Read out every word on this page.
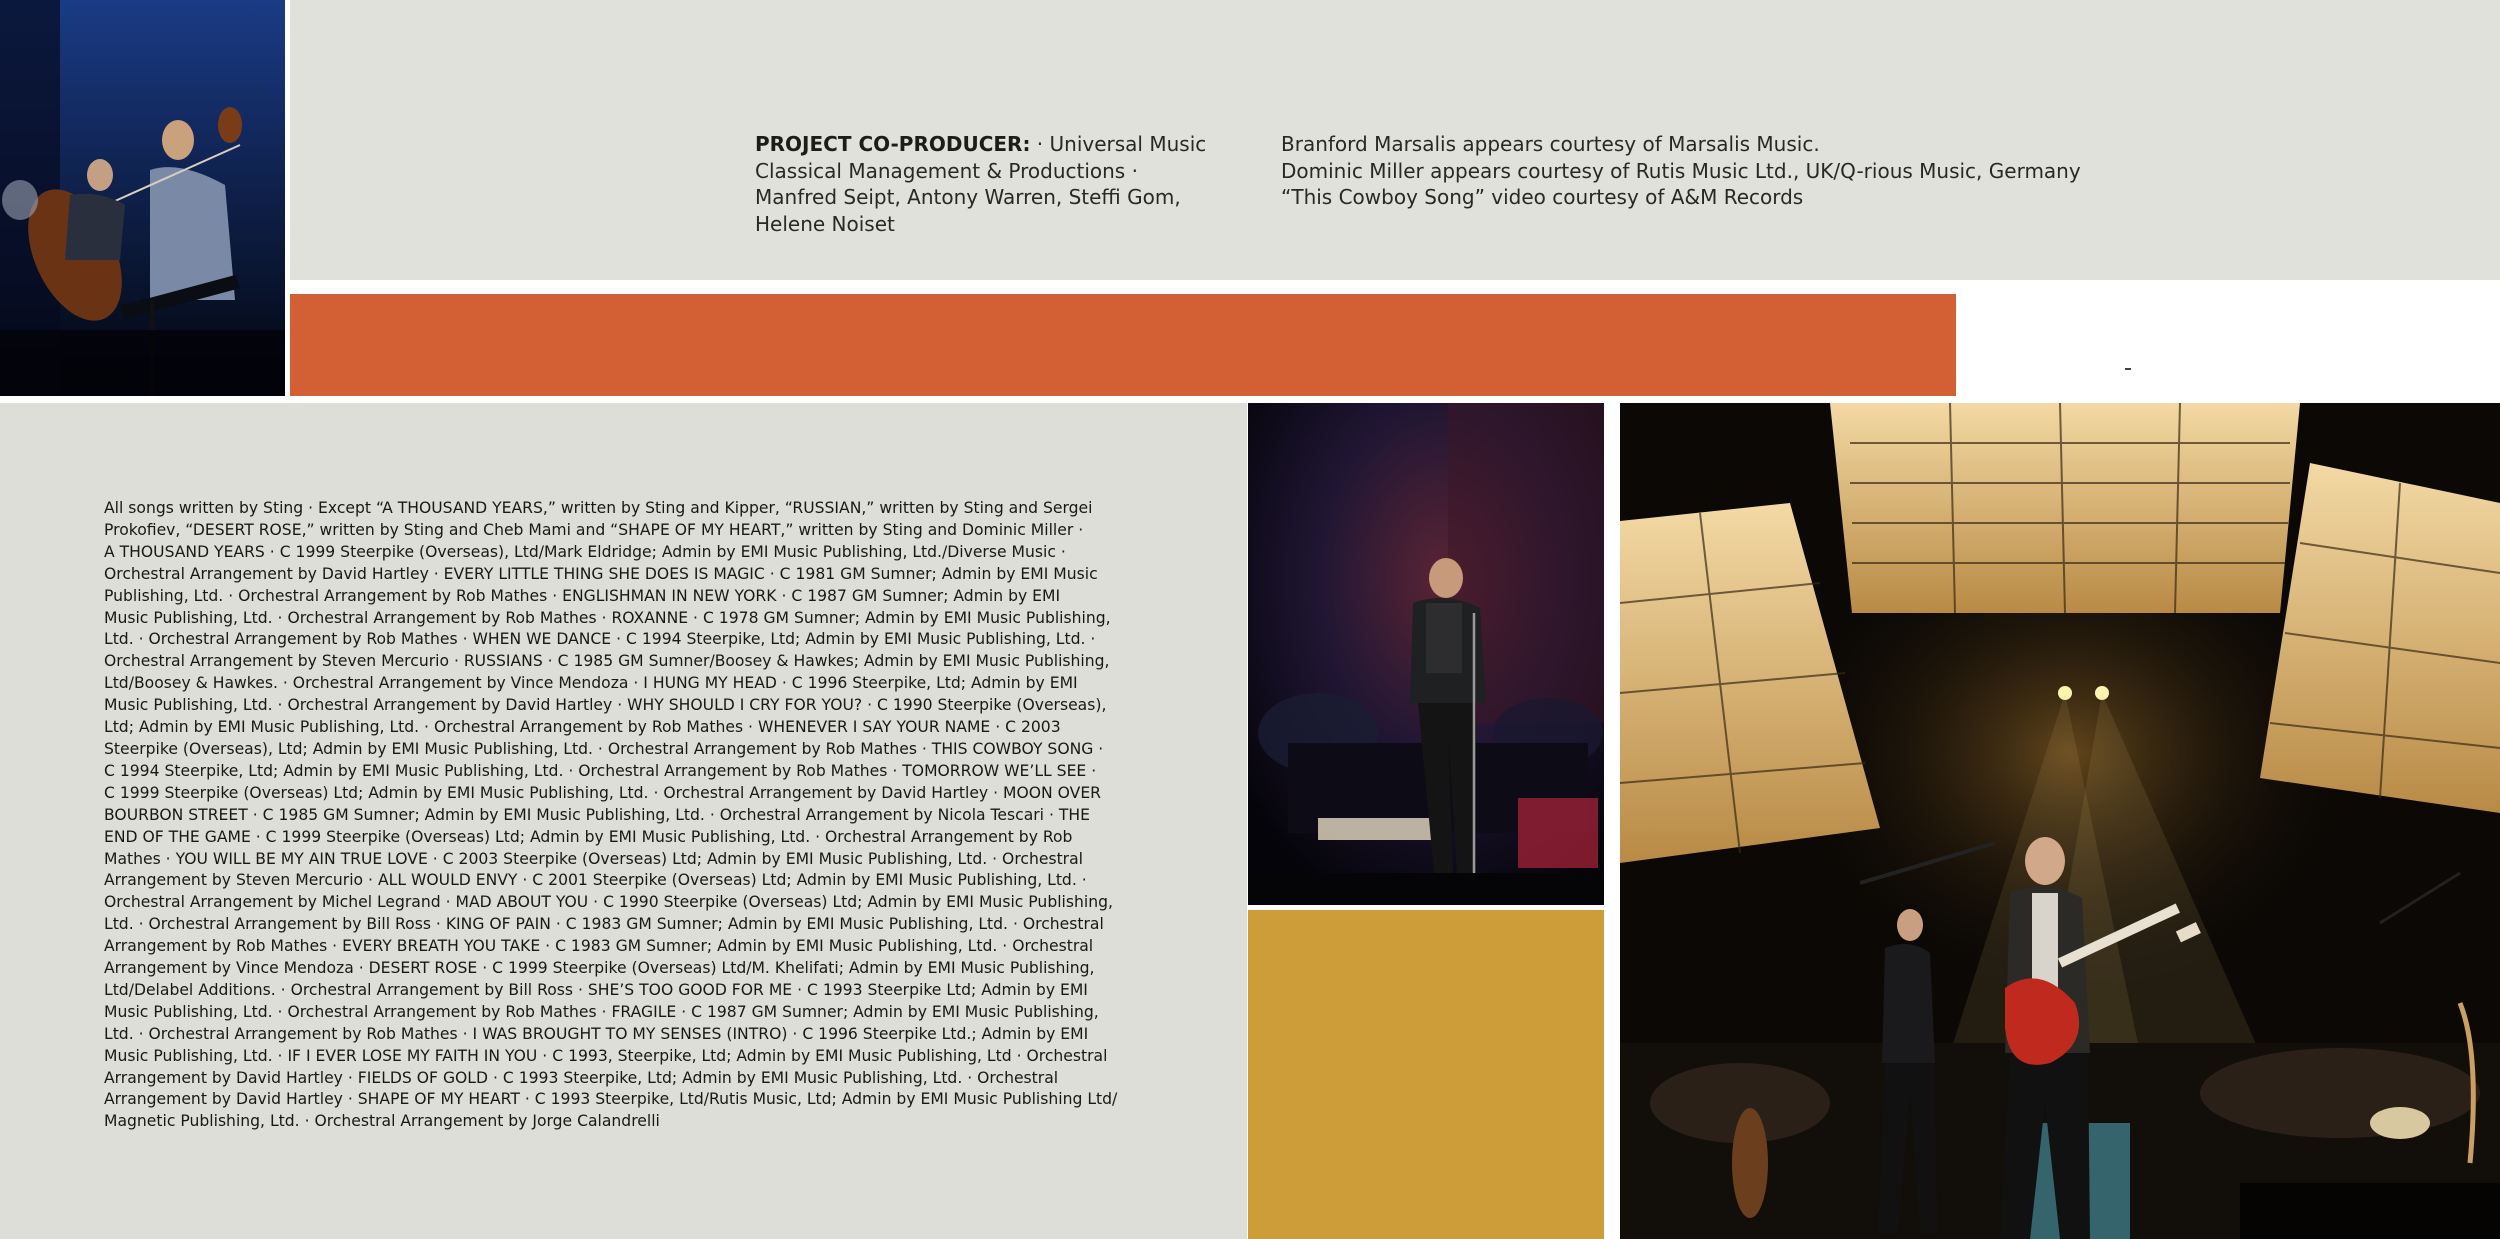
PROJECT CO-PRODUCER: · Universal Music Classical Management & Productions · Manfred Seipt, Antony Warren, Steffi Gom, Helene Noiset
Branford Marsalis appears courtesy of Marsalis Music.
Dominic Miller appears courtesy of Rutis Music Ltd., UK/Q-rious Music, Germany
“This Cowboy Song” video courtesy of A&M Records

All songs written by Sting · Except “A THOUSAND YEARS,” written by Sting and Kipper, “RUSSIAN,” written by Sting and Sergei

Prokofiev, “DESERT ROSE,” written by Sting and Cheb Mami and “SHAPE OF MY HEART,” written by Sting and Dominic Miller ·

A THOUSAND YEARS · C 1999 Steerpike (Overseas), Ltd/Mark Eldridge; Admin by EMI Music Publishing, Ltd./Diverse Music ·

Orchestral Arrangement by David Hartley · EVERY LITTLE THING SHE DOES IS MAGIC · C 1981 GM Sumner; Admin by EMI Music

Publishing, Ltd. · Orchestral Arrangement by Rob Mathes · ENGLISHMAN IN NEW YORK · C 1987 GM Sumner; Admin by EMI

Music Publishing, Ltd. · Orchestral Arrangement by Rob Mathes · ROXANNE · C 1978 GM Sumner; Admin by EMI Music Publishing,

Ltd. · Orchestral Arrangement by Rob Mathes · WHEN WE DANCE · C 1994 Steerpike, Ltd; Admin by EMI Music Publishing, Ltd. ·

Orchestral Arrangement by Steven Mercurio · RUSSIANS · C 1985 GM Sumner/Boosey & Hawkes; Admin by EMI Music Publishing,

Ltd/Boosey & Hawkes. · Orchestral Arrangement by Vince Mendoza · I HUNG MY HEAD · C 1996 Steerpike, Ltd; Admin by EMI

Music Publishing, Ltd. · Orchestral Arrangement by David Hartley · WHY SHOULD I CRY FOR YOU? · C 1990 Steerpike (Overseas),

Ltd; Admin by EMI Music Publishing, Ltd. · Orchestral Arrangement by Rob Mathes · WHENEVER I SAY YOUR NAME · C 2003

Steerpike (Overseas), Ltd; Admin by EMI Music Publishing, Ltd. · Orchestral Arrangement by Rob Mathes · THIS COWBOY SONG ·

C 1994 Steerpike, Ltd; Admin by EMI Music Publishing, Ltd. · Orchestral Arrangement by Rob Mathes · TOMORROW WE’LL SEE ·

C 1999 Steerpike (Overseas) Ltd; Admin by EMI Music Publishing, Ltd. · Orchestral Arrangement by David Hartley · MOON OVER

BOURBON STREET · C 1985 GM Sumner; Admin by EMI Music Publishing, Ltd. · Orchestral Arrangement by Nicola Tescari · THE

END OF THE GAME · C 1999 Steerpike (Overseas) Ltd; Admin by EMI Music Publishing, Ltd. · Orchestral Arrangement by Rob

Mathes · YOU WILL BE MY AIN TRUE LOVE · C 2003 Steerpike (Overseas) Ltd; Admin by EMI Music Publishing, Ltd. · Orchestral

Arrangement by Steven Mercurio · ALL WOULD ENVY · C 2001 Steerpike (Overseas) Ltd; Admin by EMI Music Publishing, Ltd. ·

Orchestral Arrangement by Michel Legrand · MAD ABOUT YOU · C 1990 Steerpike (Overseas) Ltd; Admin by EMI Music Publishing,

Ltd. · Orchestral Arrangement by Bill Ross · KING OF PAIN · C 1983 GM Sumner; Admin by EMI Music Publishing, Ltd. · Orchestral

Arrangement by Rob Mathes · EVERY BREATH YOU TAKE · C 1983 GM Sumner; Admin by EMI Music Publishing, Ltd. · Orchestral

Arrangement by Vince Mendoza · DESERT ROSE · C 1999 Steerpike (Overseas) Ltd/M. Khelifati; Admin by EMI Music Publishing,

Ltd/Delabel Additions. · Orchestral Arrangement by Bill Ross · SHE’S TOO GOOD FOR ME · C 1993 Steerpike Ltd; Admin by EMI

Music Publishing, Ltd. · Orchestral Arrangement by Rob Mathes · FRAGILE · C 1987 GM Sumner; Admin by EMI Music Publishing,

Ltd. · Orchestral Arrangement by Rob Mathes · I WAS BROUGHT TO MY SENSES (INTRO) · C 1996 Steerpike Ltd.; Admin by EMI

Music Publishing, Ltd. · IF I EVER LOSE MY FAITH IN YOU · C 1993, Steerpike, Ltd; Admin by EMI Music Publishing, Ltd · Orchestral

Arrangement by David Hartley · FIELDS OF GOLD · C 1993 Steerpike, Ltd; Admin by EMI Music Publishing, Ltd. · Orchestral

Arrangement by David Hartley · SHAPE OF MY HEART · C 1993 Steerpike, Ltd/Rutis Music, Ltd; Admin by EMI Music Publishing Ltd/

Magnetic Publishing, Ltd. · Orchestral Arrangement by Jorge Calandrelli
